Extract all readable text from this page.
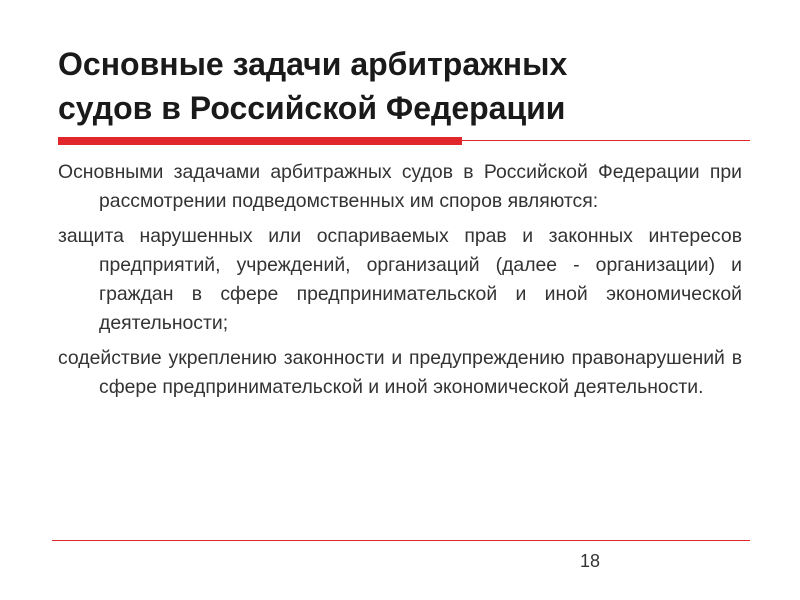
Основные задачи арбитражных
судов в Российской Федерации

Основными задачами арбитражных судов в Российской Федерации при рассмотрении подведомственных им споров являются:

защита нарушенных или оспариваемых прав и законных интересов предприятий, учреждений, организаций (далее - организации) и граждан в сфере предпринимательской и иной экономической деятельности;

содействие укреплению законности и предупреждению правонарушений в сфере предпринимательской и иной экономической деятельности.

18
